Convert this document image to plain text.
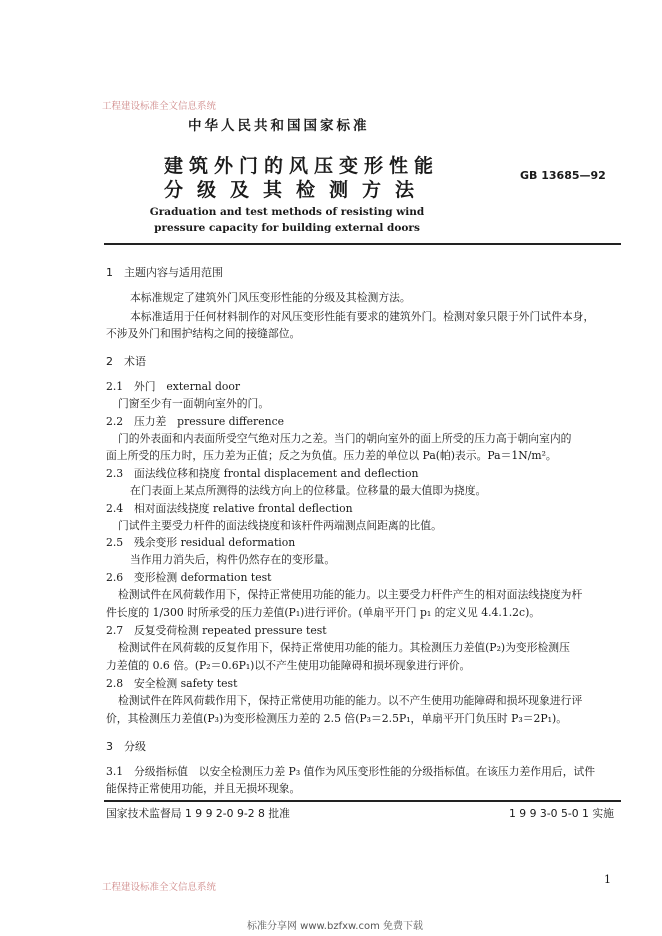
工程建设标准全文信息系统
中华人民共和国国家标准
建筑外门的风压变形性能
分级及其检测方法
GB 13685—92
Graduation and test methods of resisting wind
pressure capacity for building external doors
1　主题内容与适用范围
本标准规定了建筑外门风压变形性能的分级及其检测方法。
本标准适用于任何材料制作的对风压变形性能有要求的建筑外门。检测对象只限于外门试件本身，
不涉及外门和围护结构之间的接缝部位。
2　术语
2.1　外门　external door
门窗至少有一面朝向室外的门。
2.2　压力差　pressure difference
门的外表面和内表面所受空气绝对压力之差。当门的朝向室外的面上所受的压力高于朝向室内的
面上所受的压力时，压力差为正值；反之为负值。压力差的单位以 Pa(帕)表示。Pa＝1N/m²。
2.3　面法线位移和挠度 frontal displacement and deflection
在门表面上某点所测得的法线方向上的位移量。位移量的最大值即为挠度。
2.4　相对面法线挠度 relative frontal deflection
门试件主要受力杆件的面法线挠度和该杆件两端测点间距离的比值。
2.5　残余变形 residual deformation
当作用力消失后，构件仍然存在的变形量。
2.6　变形检测 deformation test
检测试件在风荷载作用下，保持正常使用功能的能力。以主要受力杆件产生的相对面法线挠度为杆
件长度的 1/300 时所承受的压力差值(P₁)进行评价。(单扇平开门 p₁ 的定义见 4.4.1.2c)。
2.7　反复受荷检测 repeated pressure test
检测试件在风荷载的反复作用下，保持正常使用功能的能力。其检测压力差值(P₂)为变形检测压
力差值的 0.6 倍。(P₂＝0.6P₁)以不产生使用功能障碍和损坏现象进行评价。
2.8　安全检测 safety test
检测试件在阵风荷载作用下，保持正常使用功能的能力。以不产生使用功能障碍和损坏现象进行评
价，其检测压力差值(P₃)为变形检测压力差的 2.5 倍(P₃＝2.5P₁，单扇平开门负压时 P₃＝2P₁)。
3　分级
3.1　分级指标值　以安全检测压力差 P₃ 值作为风压变形性能的分级指标值。在该压力差作用后，试件
能保持正常使用功能，并且无损坏现象。
国家技术监督局 1 9 9 2-0 9-2 8 批准	1 9 9 3-0 5-0 1 实施
工程建设标准全文信息系统
1
标准分享网 www.bzfxw.com 免费下载
